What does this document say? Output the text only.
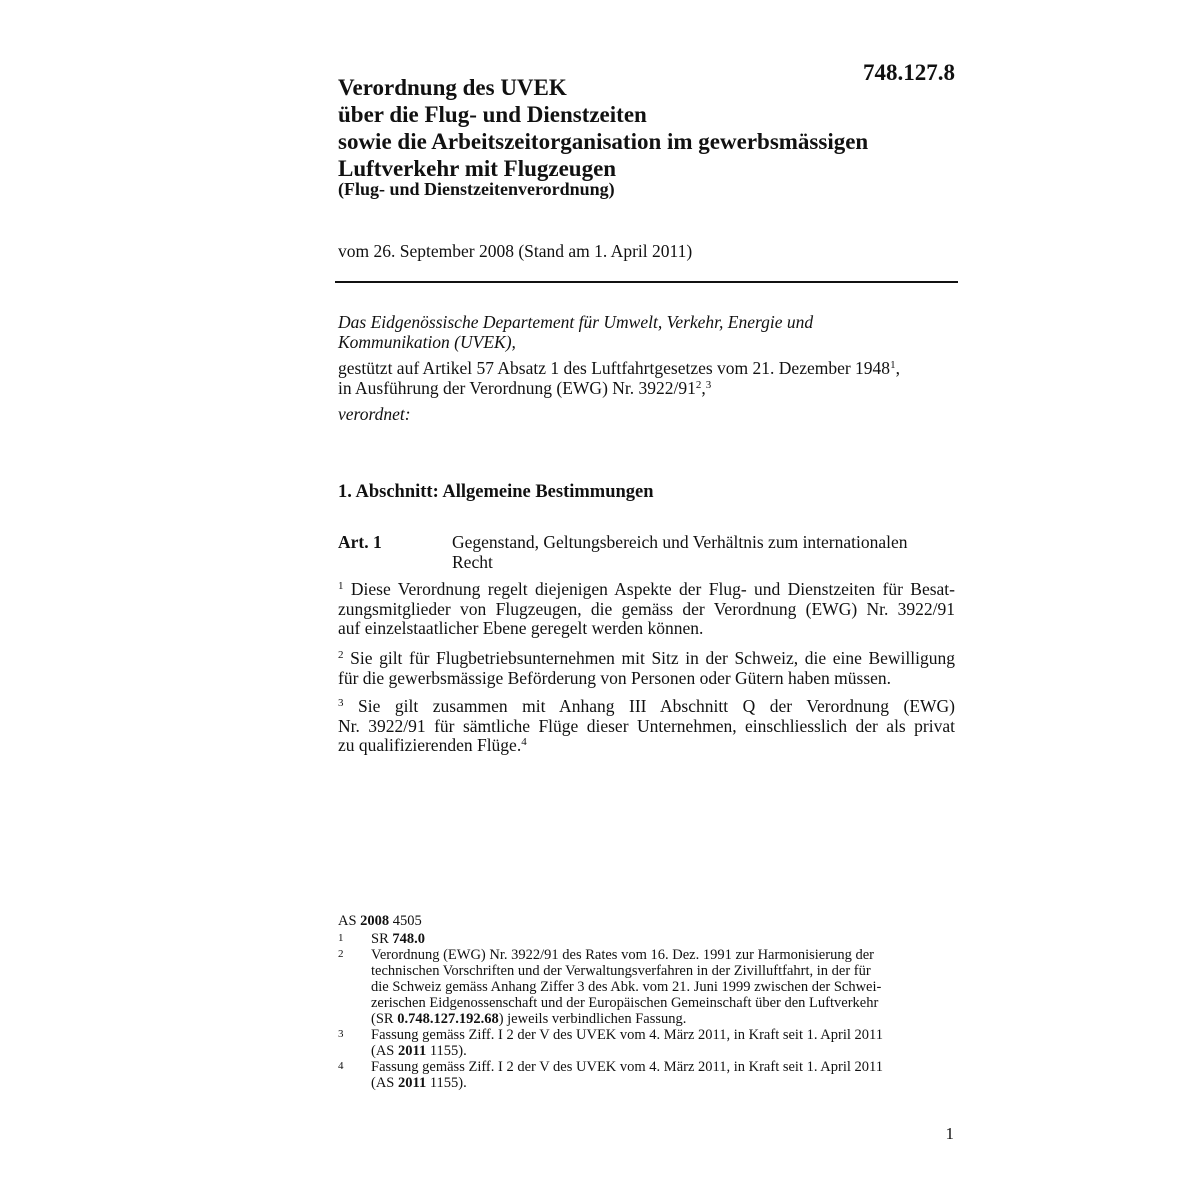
748.127.8
Verordnung des UVEK
über die Flug- und Dienstzeiten
sowie die Arbeitszeitorganisation im gewerbsmässigen
Luftverkehr mit Flugzeugen
(Flug- und Dienstzeitenverordnung)
vom 26. September 2008 (Stand am 1. April 2011)
Das Eidgenössische Departement für Umwelt, Verkehr, Energie und
Kommunikation (UVEK),
gestützt auf Artikel 57 Absatz 1 des Luftfahrtgesetzes vom 21. Dezember 1948$^1$,
in Ausführung der Verordnung (EWG) Nr. 3922/91$^2$,$^3$
verordnet:
1. Abschnitt: Allgemeine Bestimmungen
Art. 1	Gegenstand, Geltungsbereich und Verhältnis zum internationalen
Recht
$^1$ Diese Verordnung regelt diejenigen Aspekte der Flug- und Dienstzeiten für Besat-
zungsmitglieder von Flugzeugen, die gemäss der Verordnung (EWG) Nr. 3922/91
auf einzelstaatlicher Ebene geregelt werden können.
$^2$ Sie gilt für Flugbetriebsunternehmen mit Sitz in der Schweiz, die eine Bewilligung
für die gewerbsmässige Beförderung von Personen oder Gütern haben müssen.
$^3$ Sie gilt zusammen mit Anhang III Abschnitt Q der Verordnung (EWG)
Nr. 3922/91 für sämtliche Flüge dieser Unternehmen, einschliesslich der als privat
zu qualifizierenden Flüge.$^4$
AS 2008 4505
1	SR 748.0
2	Verordnung (EWG) Nr. 3922/91 des Rates vom 16. Dez. 1991 zur Harmonisierung der
technischen Vorschriften und der Verwaltungsverfahren in der Zivilluftfahrt, in der für
die Schweiz gemäss Anhang Ziffer 3 des Abk. vom 21. Juni 1999 zwischen der Schwei-
zerischen Eidgenossenschaft und der Europäischen Gemeinschaft über den Luftverkehr
(SR 0.748.127.192.68) jeweils verbindlichen Fassung.
3	Fassung gemäss Ziff. I 2 der V des UVEK vom 4. März 2011, in Kraft seit 1. April 2011
(AS 2011 1155).
4	Fassung gemäss Ziff. I 2 der V des UVEK vom 4. März 2011, in Kraft seit 1. April 2011
(AS 2011 1155).
1
